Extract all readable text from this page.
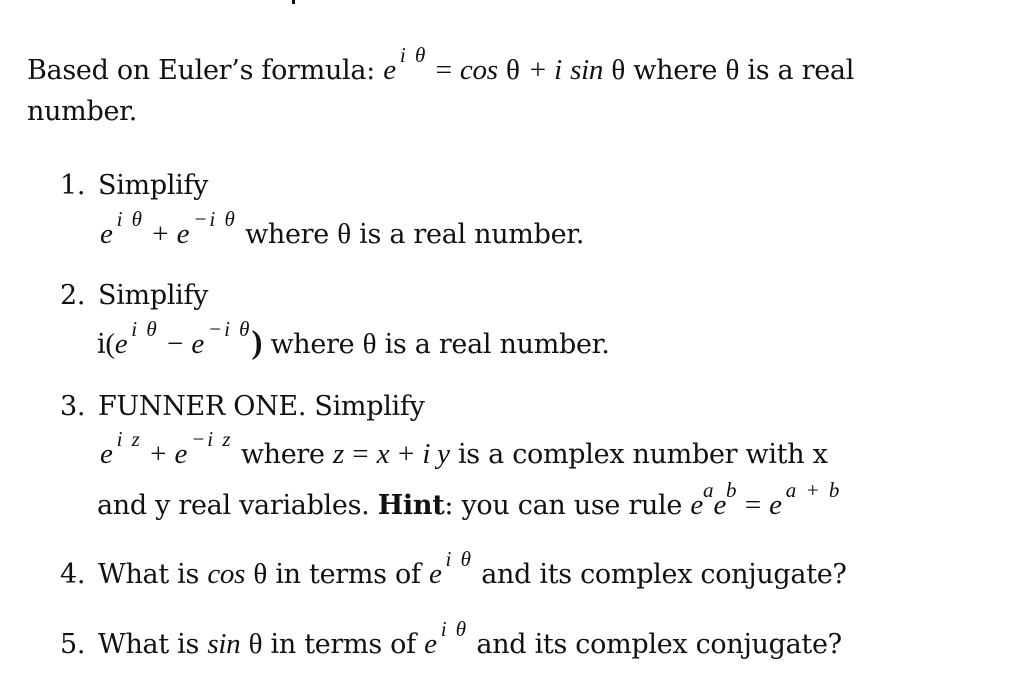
Based on Euler’s formula: e $^{i \theta}$ = cos θ + i sin θ where θ is a real
number.
1. Simplify
e $^{i \theta}$ + e $^{-i \theta}$ where θ is a real number.
2. Simplify
i(e $^{i \theta}$ − e $^{-i \theta}$) where θ is a real number.
3. FUNNER ONE. Simplify
e $^{i z}$ + e $^{-i z}$ where z = x + i y is a complex number with x
and y real variables. Hint: you can use rule $e^ae^b = e$ $^{a + b}$
4. What is cos θ in terms of e $^{i \theta}$ and its complex conjugate?
5. What is sin θ in terms of e $^{i \theta}$ and its complex conjugate?
